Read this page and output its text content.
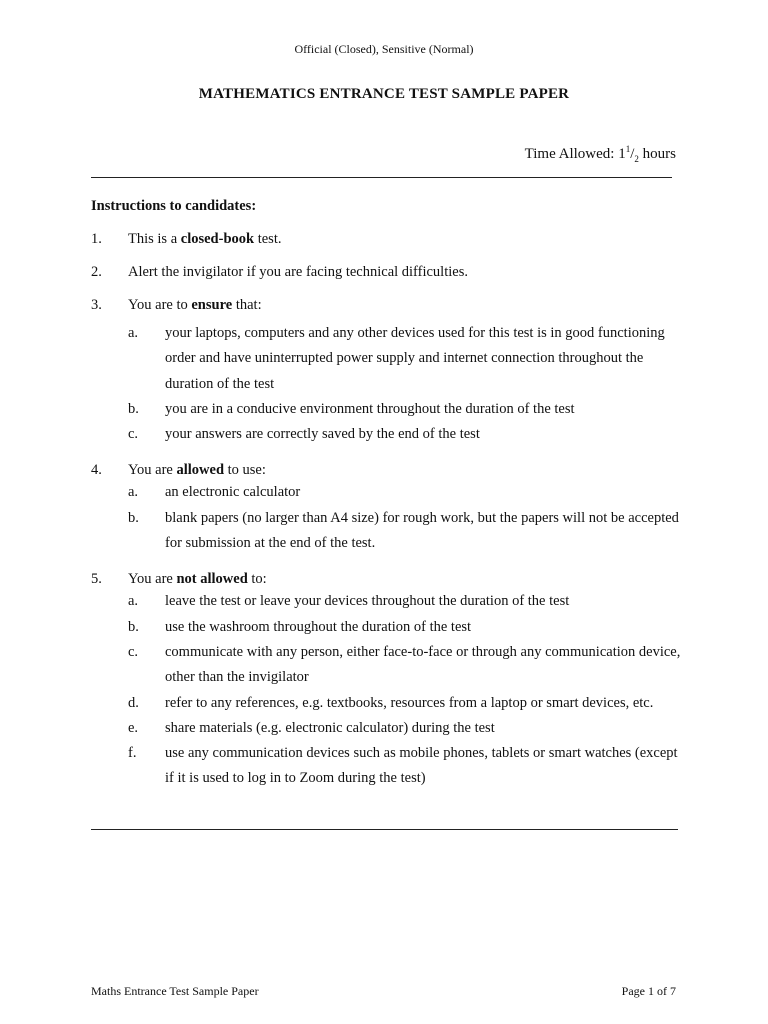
Official (Closed), Sensitive (Normal)
MATHEMATICS ENTRANCE TEST SAMPLE PAPER
Time Allowed: $1^1/_2$ hours
Instructions to candidates:
1.	This is a closed-book test.
2.	Alert the invigilator if you are facing technical difficulties.
3.	You are to ensure that:
a.	your laptops, computers and any other devices used for this test is in good functioning order and have uninterrupted power supply and internet connection throughout the duration of the test
b.	you are in a conducive environment throughout the duration of the test
c.	your answers are correctly saved by the end of the test
4.	You are allowed to use:
a.	an electronic calculator
b.	blank papers (no larger than A4 size) for rough work, but the papers will not be accepted for submission at the end of the test.
5.	You are not allowed to:
a.	leave the test or leave your devices throughout the duration of the test
b.	use the washroom throughout the duration of the test
c.	communicate with any person, either face-to-face or through any communication device, other than the invigilator
d.	refer to any references, e.g. textbooks, resources from a laptop or smart devices, etc.
e.	share materials (e.g. electronic calculator) during the test
f.	use any communication devices such as mobile phones, tablets or smart watches (except if it is used to log in to Zoom during the test)
Maths Entrance Test Sample Paper	Page 1 of 7
